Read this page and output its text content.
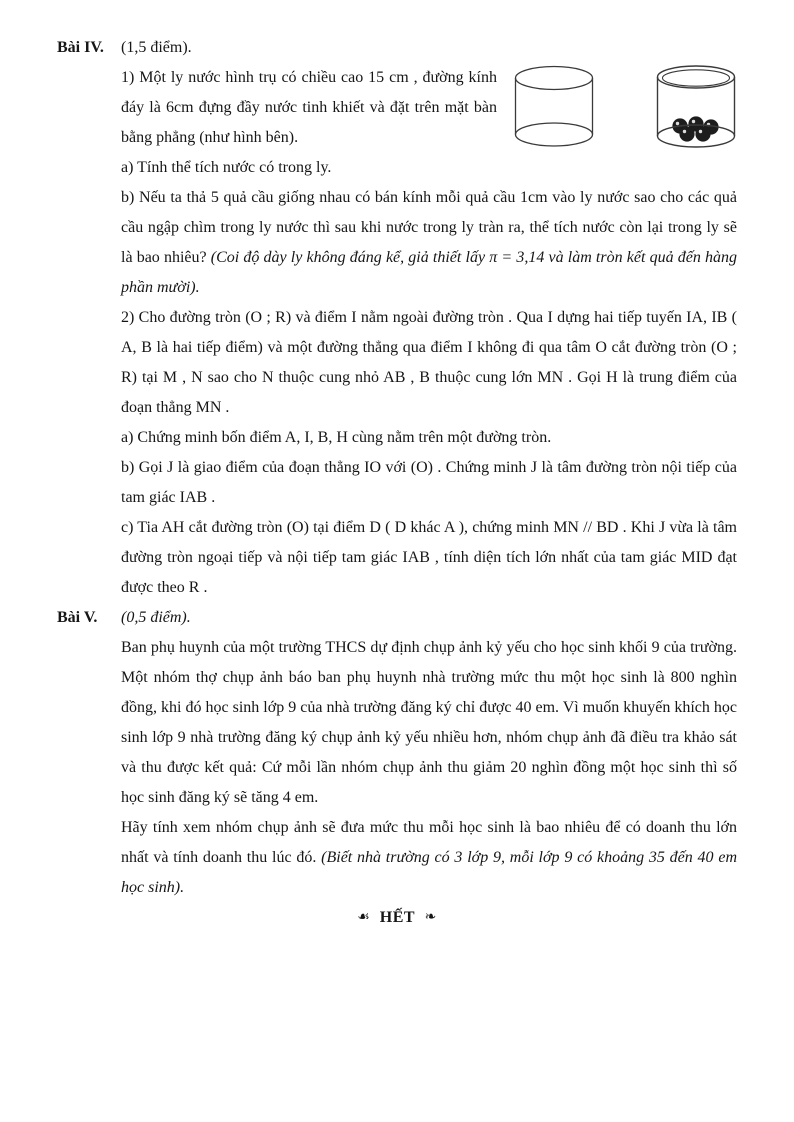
Bài IV.	(1,5 điểm).

1) Một ly nước hình trụ có chiều cao 15 cm , đường kính đáy là 6cm đựng đầy nước tinh khiết và đặt trên mặt bàn bằng phẳng (như hình bên).

a) Tính thể tích nước có trong ly.

b) Nếu ta thả 5 quả cầu giống nhau có bán kính mỗi quả cầu 1cm vào ly nước sao cho các quả cầu ngập chìm trong ly nước thì sau khi nước trong ly tràn ra, thể tích nước còn lại trong ly sẽ là bao nhiêu? (Coi độ dày ly không đáng kể, giả thiết lấy π = 3,14 và làm tròn kết quả đến hàng phần mười).

2) Cho đường tròn (O ; R) và điểm I nằm ngoài đường tròn . Qua I dựng hai tiếp tuyến IA, IB ( A, B là hai tiếp điểm) và một đường thẳng qua điểm I không đi qua tâm O cắt đường tròn (O ; R) tại M , N sao cho N thuộc cung nhỏ AB , B thuộc cung lớn MN . Gọi H là trung điểm của đoạn thẳng MN .

a) Chứng minh bốn điểm A, I, B, H cùng nằm trên một đường tròn.

b) Gọi J là giao điểm của đoạn thẳng IO với (O) . Chứng minh J là tâm đường tròn nội tiếp của tam giác IAB .

c) Tia AH cắt đường tròn (O) tại điểm D ( D khác A ), chứng minh MN // BD . Khi J vừa là tâm đường tròn ngoại tiếp và nội tiếp tam giác IAB , tính diện tích lớn nhất của tam giác MID đạt được theo R .

Bài V.	(0,5 điểm).

Ban phụ huynh của một trường THCS dự định chụp ảnh kỷ yếu cho học sinh khối 9 của trường. Một nhóm thợ chụp ảnh báo ban phụ huynh nhà trường mức thu một học sinh là 800 nghìn đồng, khi đó học sinh lớp 9 của nhà trường đăng ký chỉ được 40 em. Vì muốn khuyến khích học sinh lớp 9 nhà trường đăng ký chụp ảnh kỷ yếu nhiều hơn, nhóm chụp ảnh đã điều tra khảo sát và thu được kết quả: Cứ mỗi lần nhóm chụp ảnh thu giảm 20 nghìn đồng một học sinh thì số học sinh đăng ký sẽ tăng 4 em.

Hãy tính xem nhóm chụp ảnh sẽ đưa mức thu mỗi học sinh là bao nhiêu để có doanh thu lớn nhất và tính doanh thu lúc đó. (Biết nhà trường có 3 lớp 9, mỗi lớp 9 có khoảng 35 đến 40 em học sinh).

☙ HẾT ❧
